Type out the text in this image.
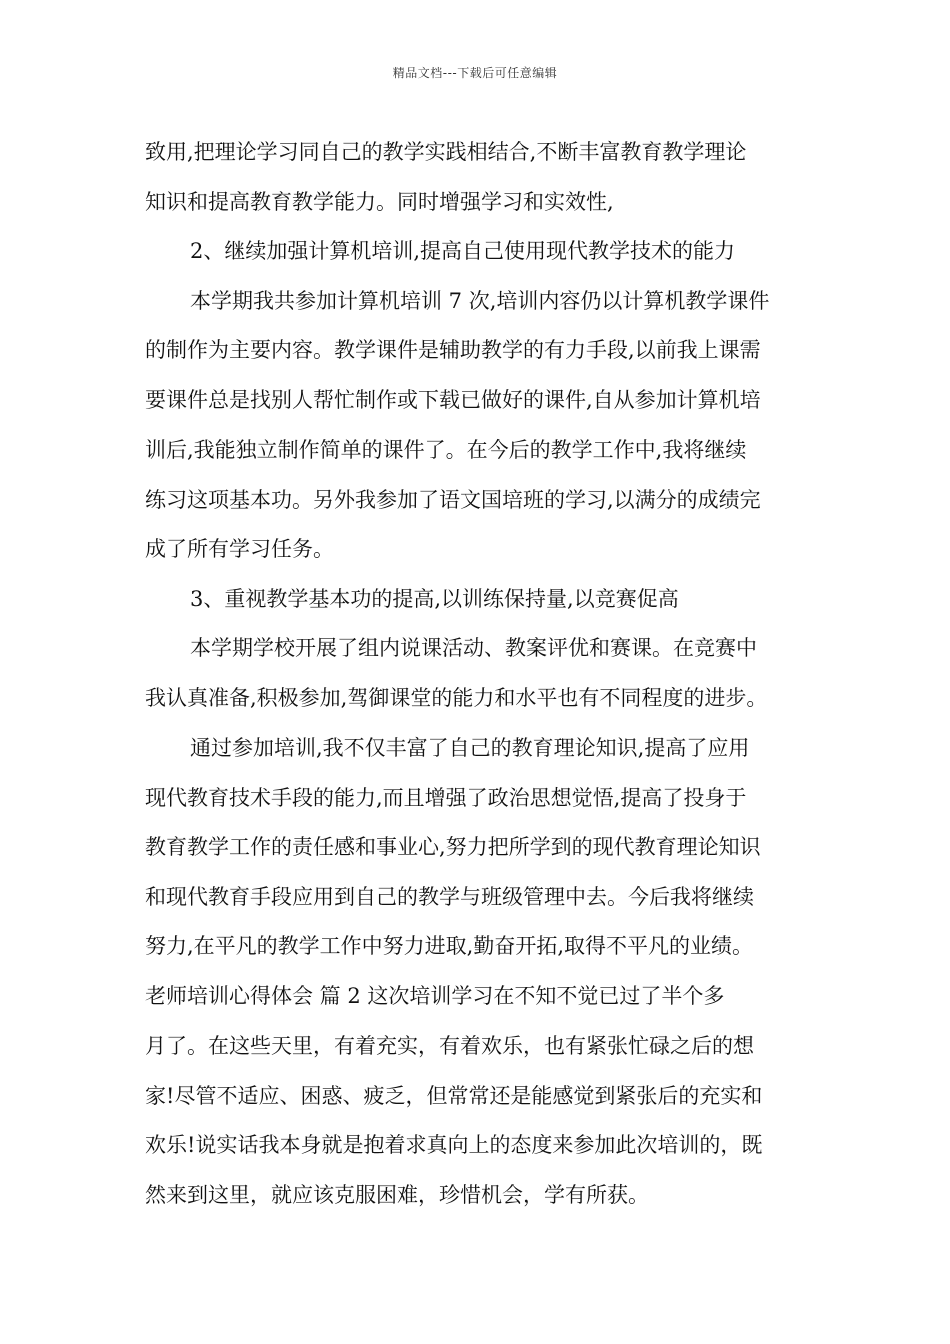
精品文档---下载后可任意编辑
致用,把理论学习同自己的教学实践相结合,不断丰富教育教学理论
知识和提高教育教学能力。同时增强学习和实效性,
2、继续加强计算机培训,提高自己使用现代教学技术的能力
本学期我共参加计算机培训 7 次,培训内容仍以计算机教学课件
的制作为主要内容。教学课件是辅助教学的有力手段,以前我上课需
要课件总是找别人帮忙制作或下载已做好的课件,自从参加计算机培
训后,我能独立制作简单的课件了。在今后的教学工作中,我将继续
练习这项基本功。另外我参加了语文国培班的学习,以满分的成绩完
成了所有学习任务。
3、重视教学基本功的提高,以训练保持量,以竞赛促高
本学期学校开展了组内说课活动、教案评优和赛课。在竞赛中
我认真准备,积极参加,驾御课堂的能力和水平也有不同程度的进步。
通过参加培训,我不仅丰富了自己的教育理论知识,提高了应用
现代教育技术手段的能力,而且增强了政治思想觉悟,提高了投身于
教育教学工作的责任感和事业心,努力把所学到的现代教育理论知识
和现代教育手段应用到自己的教学与班级管理中去。今后我将继续
努力,在平凡的教学工作中努力进取,勤奋开拓,取得不平凡的业绩。
老师培训心得体会 篇 2 这次培训学习在不知不觉已过了半个多
月了。在这些天里，有着充实，有着欢乐，也有紧张忙碌之后的想
家!尽管不适应、困惑、疲乏，但常常还是能感觉到紧张后的充实和
欢乐!说实话我本身就是抱着求真向上的态度来参加此次培训的，既
然来到这里，就应该克服困难，珍惜机会，学有所获。
